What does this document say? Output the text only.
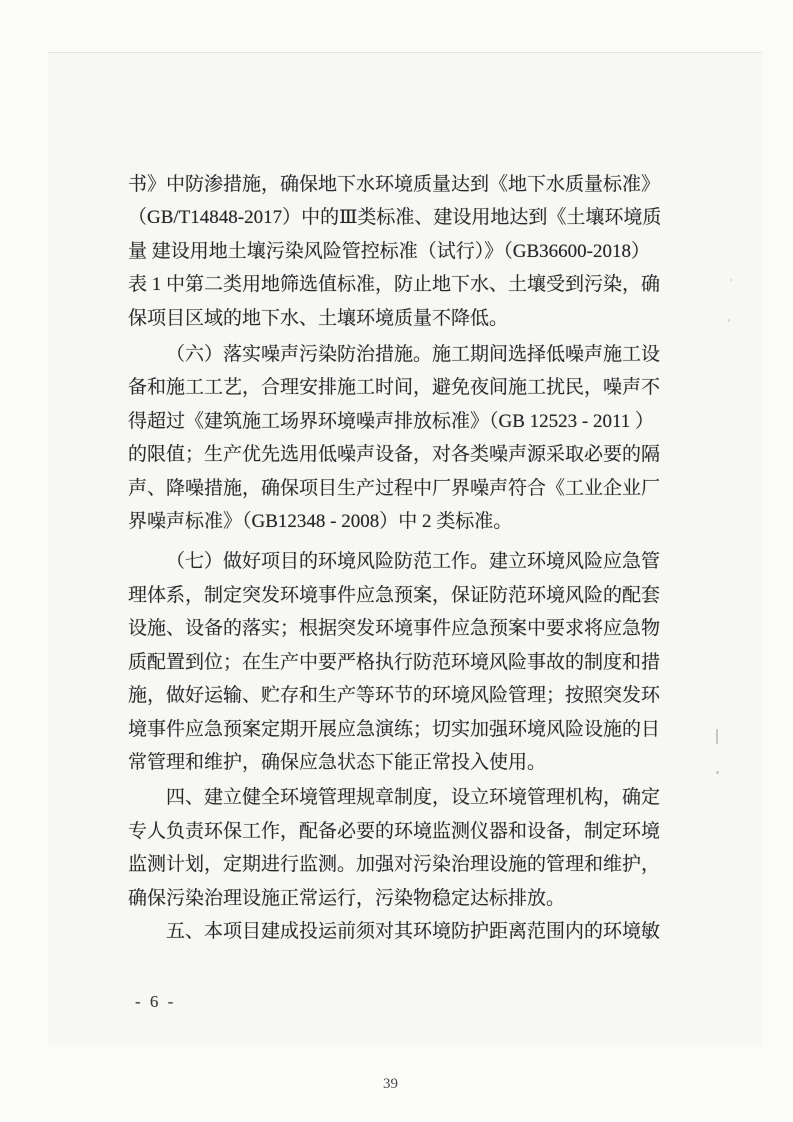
书》中防渗措施，确保地下水环境质量达到《地下水质量标准》
（GB/T14848-2017）中的Ⅲ类标准、建设用地达到《土壤环境质
量 建设用地土壤污染风险管控标准（试行）》（GB36600-2018）
表 1 中第二类用地筛选值标准，防止地下水、土壤受到污染，确
保项目区域的地下水、土壤环境质量不降低。

（六）落实噪声污染防治措施。施工期间选择低噪声施工设
备和施工工艺，合理安排施工时间，避免夜间施工扰民，噪声不
得超过《建筑施工场界环境噪声排放标准》（GB 12523 - 2011 ）
的限值；生产优先选用低噪声设备，对各类噪声源采取必要的隔
声、降噪措施，确保项目生产过程中厂界噪声符合《工业企业厂
界噪声标准》（GB12348 - 2008）中 2 类标准。

（七）做好项目的环境风险防范工作。建立环境风险应急管
理体系，制定突发环境事件应急预案，保证防范环境风险的配套
设施、设备的落实；根据突发环境事件应急预案中要求将应急物
质配置到位；在生产中要严格执行防范环境风险事故的制度和措
施，做好运输、贮存和生产等环节的环境风险管理；按照突发环
境事件应急预案定期开展应急演练；切实加强环境风险设施的日
常管理和维护，确保应急状态下能正常投入使用。

四、建立健全环境管理规章制度，设立环境管理机构，确定
专人负责环保工作，配备必要的环境监测仪器和设备，制定环境
监测计划，定期进行监测。加强对污染治理设施的管理和维护，
确保污染治理设施正常运行，污染物稳定达标排放。

五、本项目建成投运前须对其环境防护距离范围内的环境敏

- 6 -
39
